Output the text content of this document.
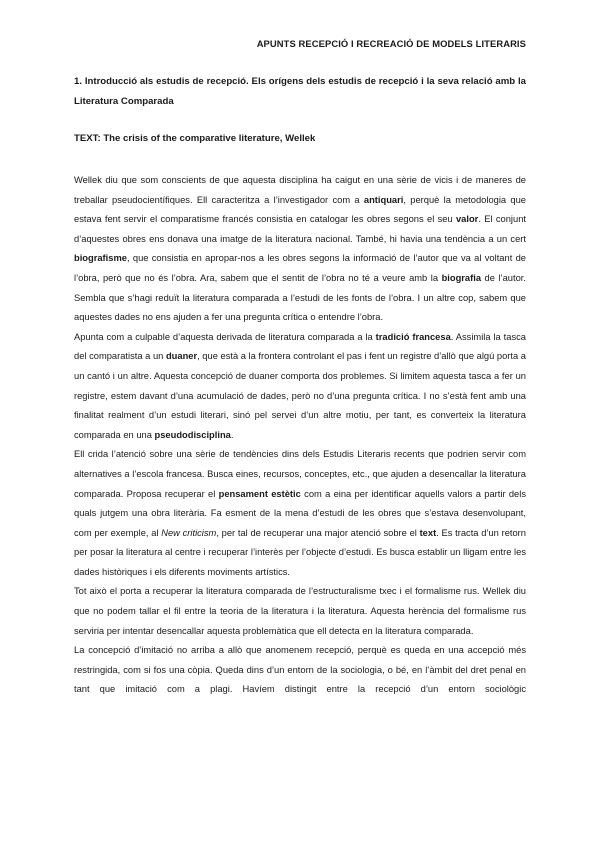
APUNTS RECEPCIÓ I RECREACIÓ DE MODELS LITERARIS
1. Introducció als estudis de recepció. Els orígens dels estudis de recepció i la seva relació amb la Literatura Comparada
TEXT: The crisis of the comparative literature, Wellek

Wellek diu que som conscients de que aquesta disciplina ha caigut en una sèrie de vicis i de maneres de treballar pseudocientífiques. Ell caracteritza a l’investigador com a antiquari, perquè la metodologia que estava fent servir el comparatisme francés consistia en catalogar les obres segons el seu valor. El conjunt d’aquestes obres ens donava una imatge de la literatura nacional. També, hi havia una tendència a un cert biografisme, que consistia en apropar-nos a les obres segons la informació de l’autor que va al voltant de l’obra, però que no és l’obra. Ara, sabem que el sentit de l’obra no té a veure amb la biografia de l’autor. Sembla que s’hagi reduït la literatura comparada a l’estudi de les fonts de l’obra. I un altre cop, sabem que aquestes dades no ens ajuden a fer una pregunta crítica o entendre l’obra.

Apunta com a culpable d’aquesta derivada de literatura comparada a la tradició francesa. Assimila la tasca del comparatista a un duaner, que està a la frontera controlant el pas i fent un registre d’allò que algú porta a un cantó i un altre. Aquesta concepció de duaner comporta dos problemes. Si limitem aquesta tasca a fer un registre, estem davant d’una acumulació de dades, però no d’una pregunta crítica. I no s’està fent amb una finalitat realment d’un estudi literari, sinó pel servei d’un altre motiu, per tant, es converteix la literatura comparada en una pseudodisciplina.

Ell crida l’atenció sobre una sèrie de tendències dins dels Estudis Literaris recents que podrien servir com alternatives a l’escola francesa. Busca eines, recursos, conceptes, etc., que ajuden a desencallar la literatura comparada. Proposa recuperar el pensament estètic com a eina per identificar aquells valors a partir dels quals jutgem una obra literària. Fa esment de la mena d’estudi de les obres que s’estava desenvolupant, com per exemple, al New criticism, per tal de recuperar una major atenció sobre el text. Es tracta d’un retorn per posar la literatura al centre i recuperar l’interès per l’objecte d’estudi. Es busca establir un lligam entre les dades històriques i els diferents moviments artístics.

Tot això el porta a recuperar la literatura comparada de l’estructuralisme txec i el formalisme rus. Wellek diu que no podem tallar el fil entre la teoria de la literatura i la literatura. Aquesta herència del formalisme rus serviria per intentar desencallar aquesta problemàtica que ell detecta en la literatura comparada.

La concepció d’imitació no arriba a allò que anomenem recepció, perquè es queda en una accepció més restringida, com si fos una còpia. Queda dins d’un entorn de la sociologia, o bé, en l’àmbit del dret penal en tant que imitació com a plagi. Havíem distingit entre la recepció d’un entorn sociològic
